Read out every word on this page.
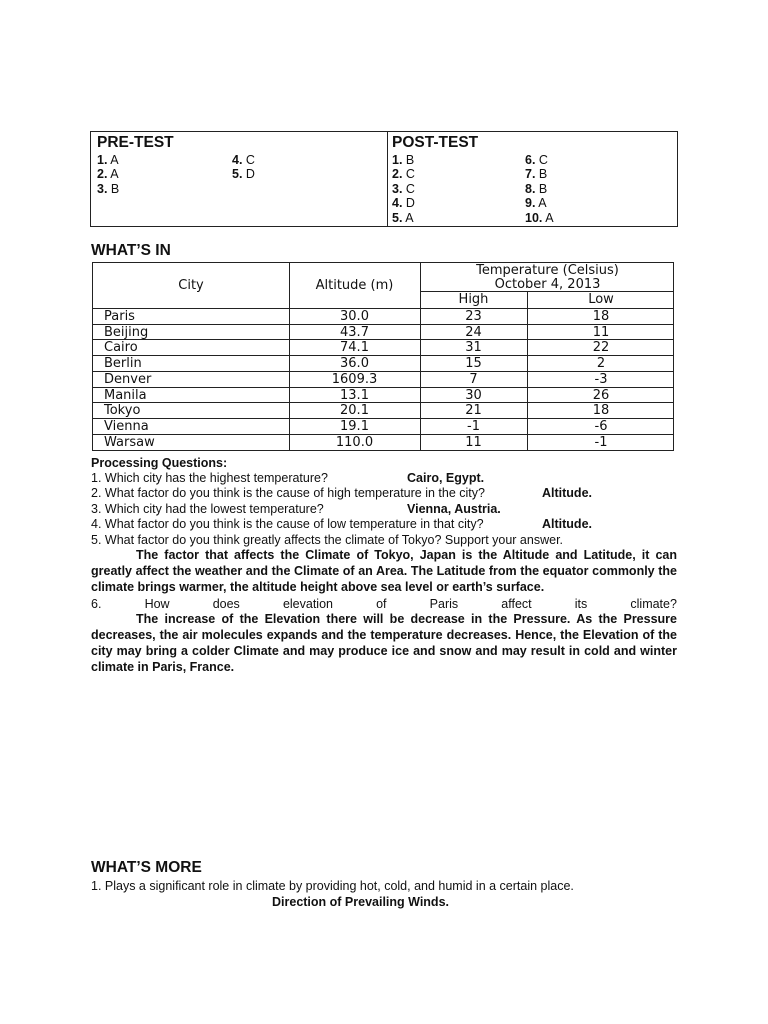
PRE-TEST	POST-TEST
1. A
2. A
3. B
4. C
5. D
1. B
2. C
3. C
4. D
5. A
6. C
7. B
8. B
9. A
10. A
WHAT’S IN
City	Altitude (m)
Temperature (Celsius)
October 4, 2013
High	Low
Paris	30.0	23	18
Beijing	43.7	24	11
Cairo	74.1	31	22
Berlin	36.0	15	2
Denver	1609.3	7	-3
Manila	13.1	30	26
Tokyo	20.1	21	18
Vienna	19.1	-1	-6
Warsaw	110.0	11	-1
Processing Questions:
1. Which city has the highest temperature?	Cairo, Egypt.
2. What factor do you think is the cause of high temperature in the city?	Altitude.
3. Which city had the lowest temperature?	Vienna, Austria.
4. What factor do you think is the cause of low temperature in that city?	Altitude.
5. What factor do you think greatly affects the climate of Tokyo? Support your answer.
The factor that affects the Climate of Tokyo, Japan is the Altitude and Latitude, it can greatly affect the weather and the Climate of an Area. The Latitude from the equator commonly the climate brings warmer, the altitude height above sea level or earth’s surface.
6.	How	does	elevation	of	Paris	affect	its	climate?
The increase of the Elevation there will be decrease in the Pressure. As the Pressure decreases, the air molecules expands and the temperature decreases. Hence, the Elevation of the city may bring a colder Climate and may produce ice and snow and may result in cold and winter climate in Paris, France.
WHAT’S MORE
1. Plays a significant role in climate by providing hot, cold, and humid in a certain place.
Direction of Prevailing Winds.
